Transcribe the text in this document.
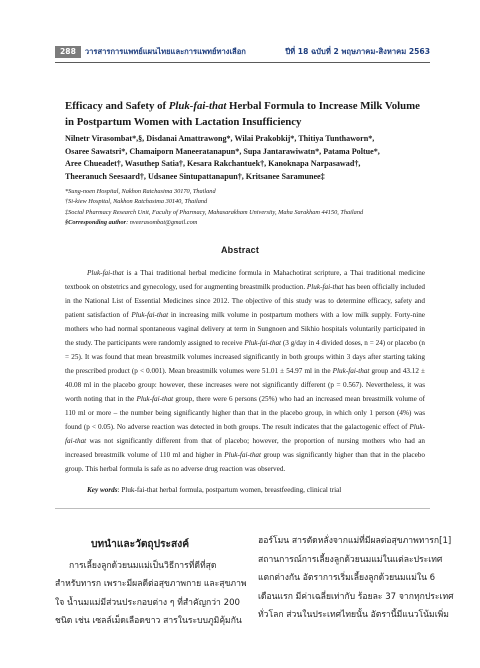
288	วารสารการแพทย์แผนไทยและการแพทย์ทางเลือก	ปีที่ 18 ฉบับที่ 2 พฤษภาคม-สิงหาคม 2563
Efficacy and Safety of Pluk-fai-that Herbal Formula to Increase Milk Volume
in Postpartum Women with Lactation Insufficiency
Nilnetr Virasombat*,§, Disdanai Amattrawong*, Wilai Prakobkij*, Thitiya Tunthaworn*,
Osaree Sawatsri*, Chamaiporn Maneeratanapun*, Supa Jantarawiwatn*, Patama Poltue*,
Aree Chueadet†, Wasuthep Satia†, Kesara Rakchantuek†, Kanoknapa Narpasawad†,
Theeranuch Seesaard†, Udsanee Sintupattanapun†, Kritsanee Saramunee‡
*Sung-noen Hospital, Nakhon Ratchasima 30170, Thailand
†Si-kiew Hospital, Nakhon Ratchasima 30140, Thailand
‡Social Pharmacy Research Unit, Faculty of Pharmacy, Mahasarakham University, Maha Sarakham 44150, Thailand
§Corresponding author: nveerasombat@gmail.com
Abstract

Pluk-fai-that is a Thai traditional herbal medicine formula in Mahachotirat scripture, a Thai traditional medicine textbook on obstetrics and gynecology, used for augmenting breastmilk production. Pluk-fai-that has been officially included in the National List of Essential Medicines since 2012. The objective of this study was to determine efficacy, safety and patient satisfaction of Pluk-fai-that in increasing milk volume in postpartum mothers with a low milk supply. Forty-nine mothers who had normal spontaneous vaginal delivery at term in Sungnoen and Sikhio hospitals voluntarily participated in the study. The participants were randomly assigned to receive Pluk-fai-that (3 g/day in 4 divided doses, n = 24) or placebo (n = 25). It was found that mean breastmilk volumes increased significantly in both groups within 3 days after starting taking the prescribed product (p < 0.001). Mean breastmilk volumes were 51.01 ± 54.97 ml in the Pluk-fai-that group and 43.12 ± 40.08 ml in the placebo group: however, these increases were not significantly different (p = 0.567). Nevertheless, it was worth noting that in the Pluk-fai-that group, there were 6 persons (25%) who had an increased mean breastmilk volume of 110 ml or more – the number being significantly higher than that in the placebo group, in which only 1 person (4%) was found (p < 0.05). No adverse reaction was detected in both groups. The result indicates that the galactogenic effect of Pluk-fai-that was not significantly different from that of placebo; however, the proportion of nursing mothers who had an increased breastmilk volume of 110 ml and higher in Pluk-fai-that group was significantly higher than that in the placebo group. This herbal formula is safe as no adverse drug reaction was observed.

Key words: Pluk-fai-that herbal formula, postpartum women, breastfeeding, clinical trial
บทนำและวัตถุประสงค์
การเลี้ยงลูกด้วยนมแม่เป็นวิธีการที่ดีที่สุด
สำหรับทารก เพราะมีผลดีต่อสุขภาพกาย และสุขภาพ
ใจ น้ำนมแม่มีส่วนประกอบต่าง ๆ ที่สำคัญกว่า 200
ชนิด เช่น เซลล์เม็ดเลือดขาว สารในระบบภูมิคุ้มกัน
ฮอร์โมน สารตัดหลั่งจากแม่ที่มีผลต่อสุขภาพทารก[1]
สถานการณ์การเลี้ยงลูกด้วยนมแม่ในแต่ละประเทศ
แตกต่างกัน อัตราการเริ่มเลี้ยงลูกด้วยนมแม่ใน 6
เดือนแรก มีค่าเฉลี่ยเท่ากับ ร้อยละ 37 จากทุกประเทศ
ทั่วโลก ส่วนในประเทศไทยนั้น อัตรานี้มีแนวโน้มเพิ่ม
